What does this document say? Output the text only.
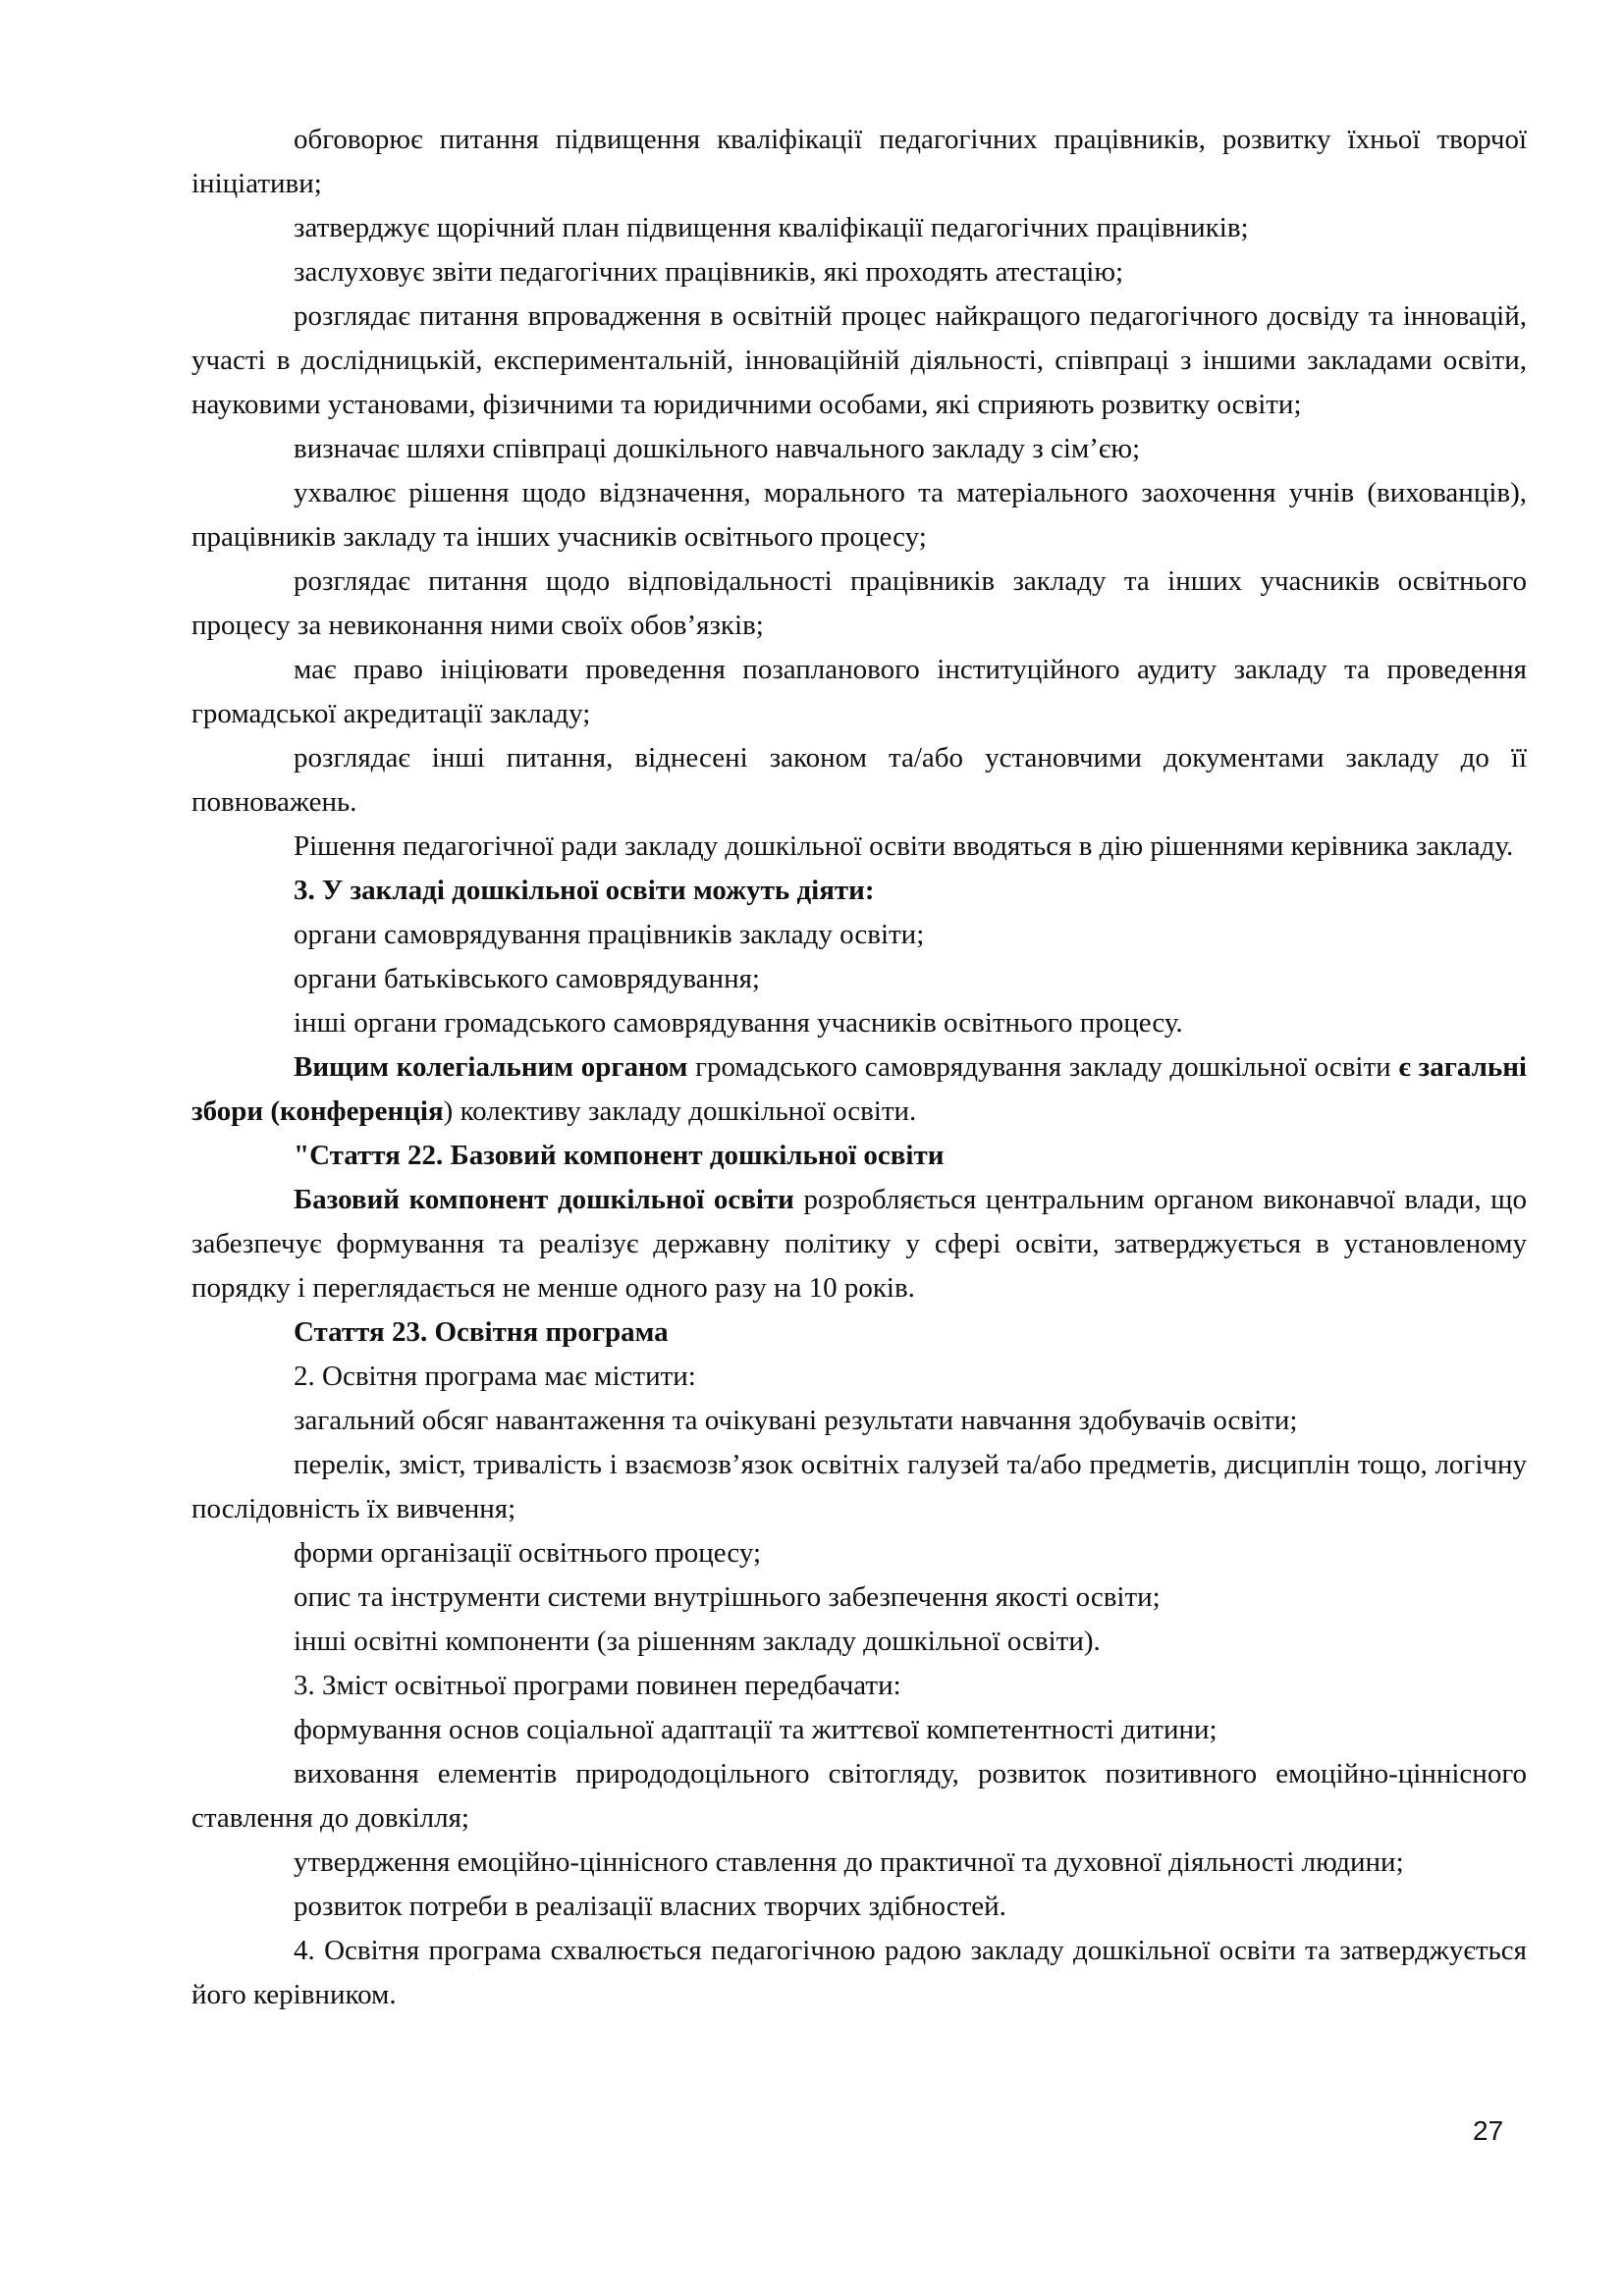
обговорює питання підвищення кваліфікації педагогічних працівників, розвитку їхньої творчої ініціативи;

затверджує щорічний план підвищення кваліфікації педагогічних працівників;

заслуховує звіти педагогічних працівників, які проходять атестацію;

розглядає питання впровадження в освітній процес найкращого педагогічного досвіду та інновацій, участі в дослідницькій, експериментальній, інноваційній діяльності, співпраці з іншими закладами освіти, науковими установами, фізичними та юридичними особами, які сприяють розвитку освіти;

визначає шляхи співпраці дошкільного навчального закладу з сім’єю;

ухвалює рішення щодо відзначення, морального та матеріального заохочення учнів (вихованців), працівників закладу та інших учасників освітнього процесу;

розглядає питання щодо відповідальності працівників закладу та інших учасників освітнього процесу за невиконання ними своїх обов’язків;

має право ініціювати проведення позапланового інституційного аудиту закладу та проведення громадської акредитації закладу;

розглядає інші питання, віднесені законом та/або установчими документами закладу до її повноважень.

Рішення педагогічної ради закладу дошкільної освіти вводяться в дію рішеннями керівника закладу.

3. У закладі дошкільної освіти можуть діяти:

органи самоврядування працівників закладу освіти;

органи батьківського самоврядування;

інші органи громадського самоврядування учасників освітнього процесу.

Вищим колегіальним органом громадського самоврядування закладу дошкільної освіти є загальні збори (конференція) колективу закладу дошкільної освіти.

"Стаття 22. Базовий компонент дошкільної освіти

Базовий компонент дошкільної освіти розробляється центральним органом виконавчої влади, що забезпечує формування та реалізує державну політику у сфері освіти, затверджується в установленому порядку і переглядається не менше одного разу на 10 років.

Стаття 23. Освітня програма

2. Освітня програма має містити:

загальний обсяг навантаження та очікувані результати навчання здобувачів освіти;

перелік, зміст, тривалість і взаємозв’язок освітніх галузей та/або предметів, дисциплін тощо, логічну послідовність їх вивчення;

форми організації освітнього процесу;

опис та інструменти системи внутрішнього забезпечення якості освіти;

інші освітні компоненти (за рішенням закладу дошкільної освіти).

3. Зміст освітньої програми повинен передбачати:

формування основ соціальної адаптації та життєвої компетентності дитини;

виховання елементів природодоцільного світогляду, розвиток позитивного емоційно-ціннісного ставлення до довкілля;

утвердження емоційно-ціннісного ставлення до практичної та духовної діяльності людини;

розвиток потреби в реалізації власних творчих здібностей.

4. Освітня програма схвалюється педагогічною радою закладу дошкільної освіти та затверджується його керівником.

27
